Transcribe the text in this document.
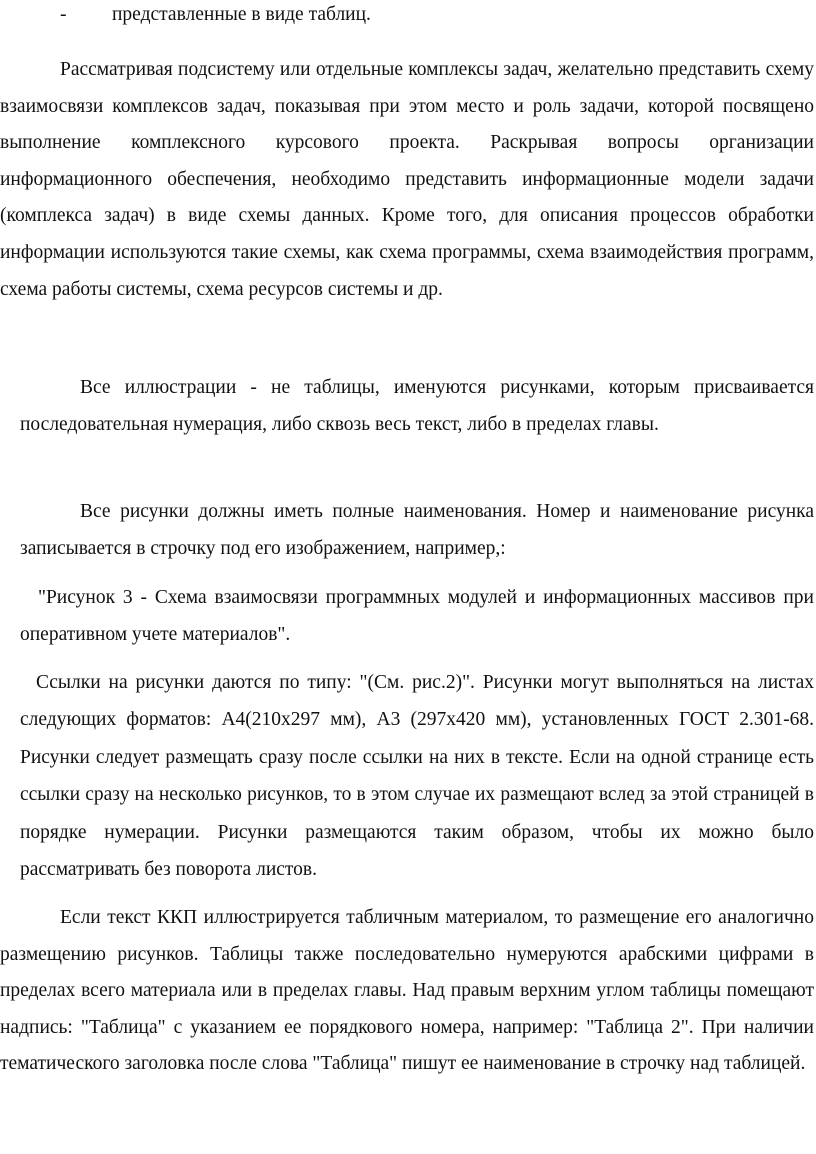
- представленные в виде таблиц.

Рассматривая подсистему или отдельные комплексы задач, желательно представить схему взаимосвязи комплексов задач, показывая при этом место и роль задачи, которой посвящено выполнение комплексного курсового проекта. Раскрывая вопросы организации информационного обеспечения, необходимо представить информационные модели задачи (комплекса задач) в виде схемы данных. Кроме того, для описания процессов обработки информации используются такие схемы, как схема программы, схема взаимодействия программ, схема работы системы, схема ресурсов системы и др.

Все иллюстрации - не таблицы, именуются рисунками, которым присваивается последовательная нумерация, либо сквозь весь текст, либо в пределах главы.

Все рисунки должны иметь полные наименования. Номер и наименование рисунка записывается в строчку под его изображением, например,:

"Рисунок 3 - Схема взаимосвязи программных модулей и информационных массивов при оперативном учете материалов".

Ссылки на рисунки даются по типу: "(См. рис.2)". Рисунки могут выполняться на листах следующих форматов: А4(210х297 мм), А3 (297х420 мм), установленных ГОСТ 2.301-68. Рисунки следует размещать сразу после ссылки на них в тексте. Если на одной странице есть ссылки сразу на несколько рисунков, то в этом случае их размещают вслед за этой страницей в порядке нумерации. Рисунки размещаются таким образом, чтобы их можно было рассматривать без поворота листов.

Если текст ККП иллюстрируется табличным материалом, то размещение его аналогично размещению рисунков. Таблицы также последовательно нумеруются арабскими цифрами в пределах всего материала или в пределах главы. Над правым верхним углом таблицы помещают надпись: "Таблица" с указанием ее порядкового номера, например: "Таблица 2". При наличии тематического заголовка после слова "Таблица" пишут ее наименование в строчку над таблицей.
